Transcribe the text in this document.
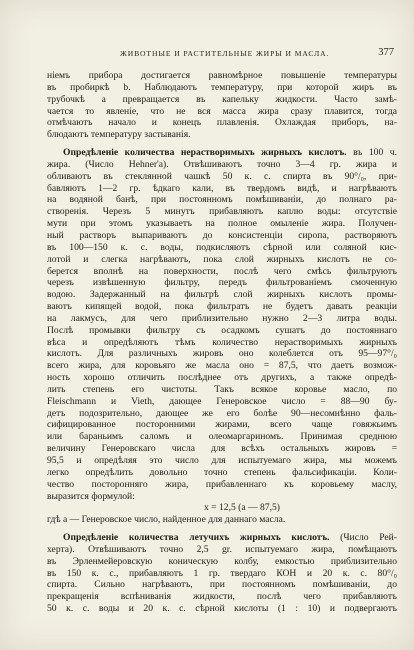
ЖИВОТНЫЕ И РАСТИТЕЛЬНЫЕ ЖИРЫ И МАСЛА.	377
ніемъ прибора достигается равномѣрное повышеніе температуры
въ пробиркѣ b. Наблюдаютъ температуру, при которой жиръ въ
трубочкѣ а превращается въ капельку жидкости. Часто замѣ-
чается то явленіе, что не вся масса жира сразу плавится, тогда
отмѣчаютъ начало и конецъ плавленія. Охлаждая приборъ, на-
блюдаютъ температуру застыванія.
Опредѣленіе количества нерастворимыхъ жирныхъ кислотъ. въ 100 ч.
жира. (Число Hehner'a). Отвѣшиваютъ точно 3—4 гр. жира и
обливаютъ въ стеклянной чашкѣ 50 к. с. спирта въ 90°/₀, при-
бавляютъ 1—2 гр. ѣдкаго кали, въ твердомъ видѣ, и нагрѣваютъ
на водяной банѣ, при постоянномъ помѣшиваніи, до полнаго ра-
створенія. Черезъ 5 минутъ прибавляютъ каплю воды: отсутствіе
мути при этомъ указываетъ на полное омыленіе жира. Получен-
ный растворъ выпариваютъ до консистенціи сиропа, растворяютъ
въ 100—150 к. с. воды, подкисляютъ сѣрной или соляной кис-
лотой и слегка нагрѣваютъ, пока слой жирныхъ кислотъ не со-
берется вполнѣ на поверхности, послѣ чего смѣсь фильтруютъ
черезъ извѣшенную фильтру, передъ фильтрованіемъ смоченную
водою. Задержанный на фильтрѣ слой жирныхъ кислотъ промы-
ваютъ кипящей водой, пока фильтратъ не будетъ давать реакціи
на лакмусъ, для чего приблизительно нужно 2—3 литра воды.
Послѣ промывки фильтру съ осадкомъ сушатъ до постояннаго
вѣса и опредѣляютъ тѣмъ количество нерастворимыхъ жирныхъ
кислотъ. Для различныхъ жировъ оно колеблется отъ 95—97°/₀
всего жира, для коровьяго же масла оно = 87,5, что даетъ возмож-
ность хорошо отличить послѣднее отъ другихъ, а также опредѣ-
лить степень его чистоты. Такъ всякое коровье масло, по
Fleischmann и Viеth, дающее Генеровское число = 88—90 бу-
детъ подозрительно, дающее же его болѣе 90—несомнѣнно фаль-
сифицированное посторонними жирами, всего чаще говяжьимъ
или бараньимъ саломъ и олеомаргариномъ. Принимая среднюю
величину Генеровскаго числа для всѣхъ остальныхъ жировъ =
95,5 и опредѣляя это число для испытуемаго жира, мы можемъ
легко опредѣлить довольно точно степень фальсификаціи. Коли-
чество посторонняго жира, прибавленнаго къ коровьему маслу,
выразится формулой:
x = 12,5 (a — 87,5)
гдѣ a — Генеровское число, найденное для даннаго масла.
Опредѣленіе количества летучихъ жирныхъ кислотъ. (Число Рей-
херта). Отвѣшиваютъ точно 2,5 gr. испытуемаго жира, помѣщаютъ
въ Эрленмейеровскую коническую колбу, емкостью приблизительно
въ 150 к. с., прибавляютъ 1 гр. твердаго КОН и 20 к. с. 80°/₀
спирта. Сильно нагрѣваютъ, при постоянномъ помѣшиваніи, до
прекращенія вспѣниванія жидкости, послѣ чего прибавляютъ
50 к. с. воды и 20 к. с. сѣрной кислоты (1 : 10) и подвергаютъ
